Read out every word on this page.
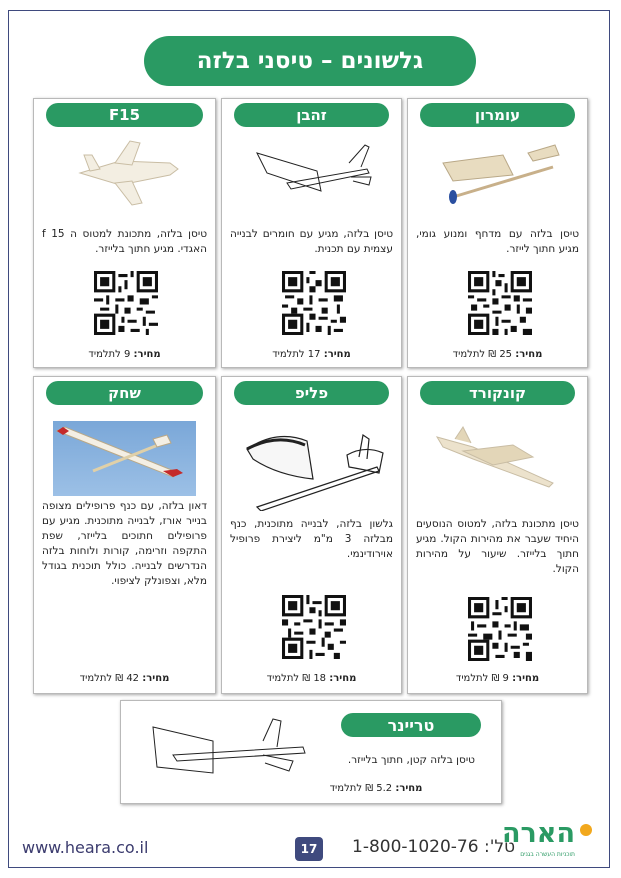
גלשונים – טיסני בלזה
עומרון
טיסן בלזה עם מדחף ומנוע גומי, מגיע חתוך לייזר.
מחיר: 25 ₪ לתלמיד
זהבן
טיסן בלזה, מגיע עם חומרים לבנייה עצמית עם תכנית.
מחיר: 17 לתלמיד
F15
טיסן בלזה, מתכונת למטוס ה 15 f האגדי. מגיע חתוך בלייזר.
מחיר: 9 לתלמיד
קונקורד
טיסן מתכונת בלזה, למטוס הנוסעים היחיד שעבר את מהירות הקול. מגיע חתוך בלייזר. שיעור על מהירות הקול.
מחיר: 9 ₪ לתלמיד
פליפ
גלשון בלזה, לבנייה מתוכנית, כנף מבלזה 3 מ"מ ליצירת פרופיל אוירודינמי.
מחיר: 18 ₪ לתלמיד
שחק
דאון בלזה, עם כנף פרופילים מצופה בנייר אורז, לבנייה מתוכנית. מגיע עם פרופילים חתוכים בלייזר, שפת התקפה וזרימה, קורות ולוחות בלזה הנדרשים לבנייה. כולל תוכנית בגודל מלא, וצפונלק לציפוי.
מחיר: 42 ₪ לתלמיד
טריינר
טיסן בלזה קטן, חתוך בלייזר.
מחיר: 5.2 ₪ לתלמיד
www.heara.co.il	17	טל': 1-800-1020-76
הארה
תוכניות העשרה בגנים
